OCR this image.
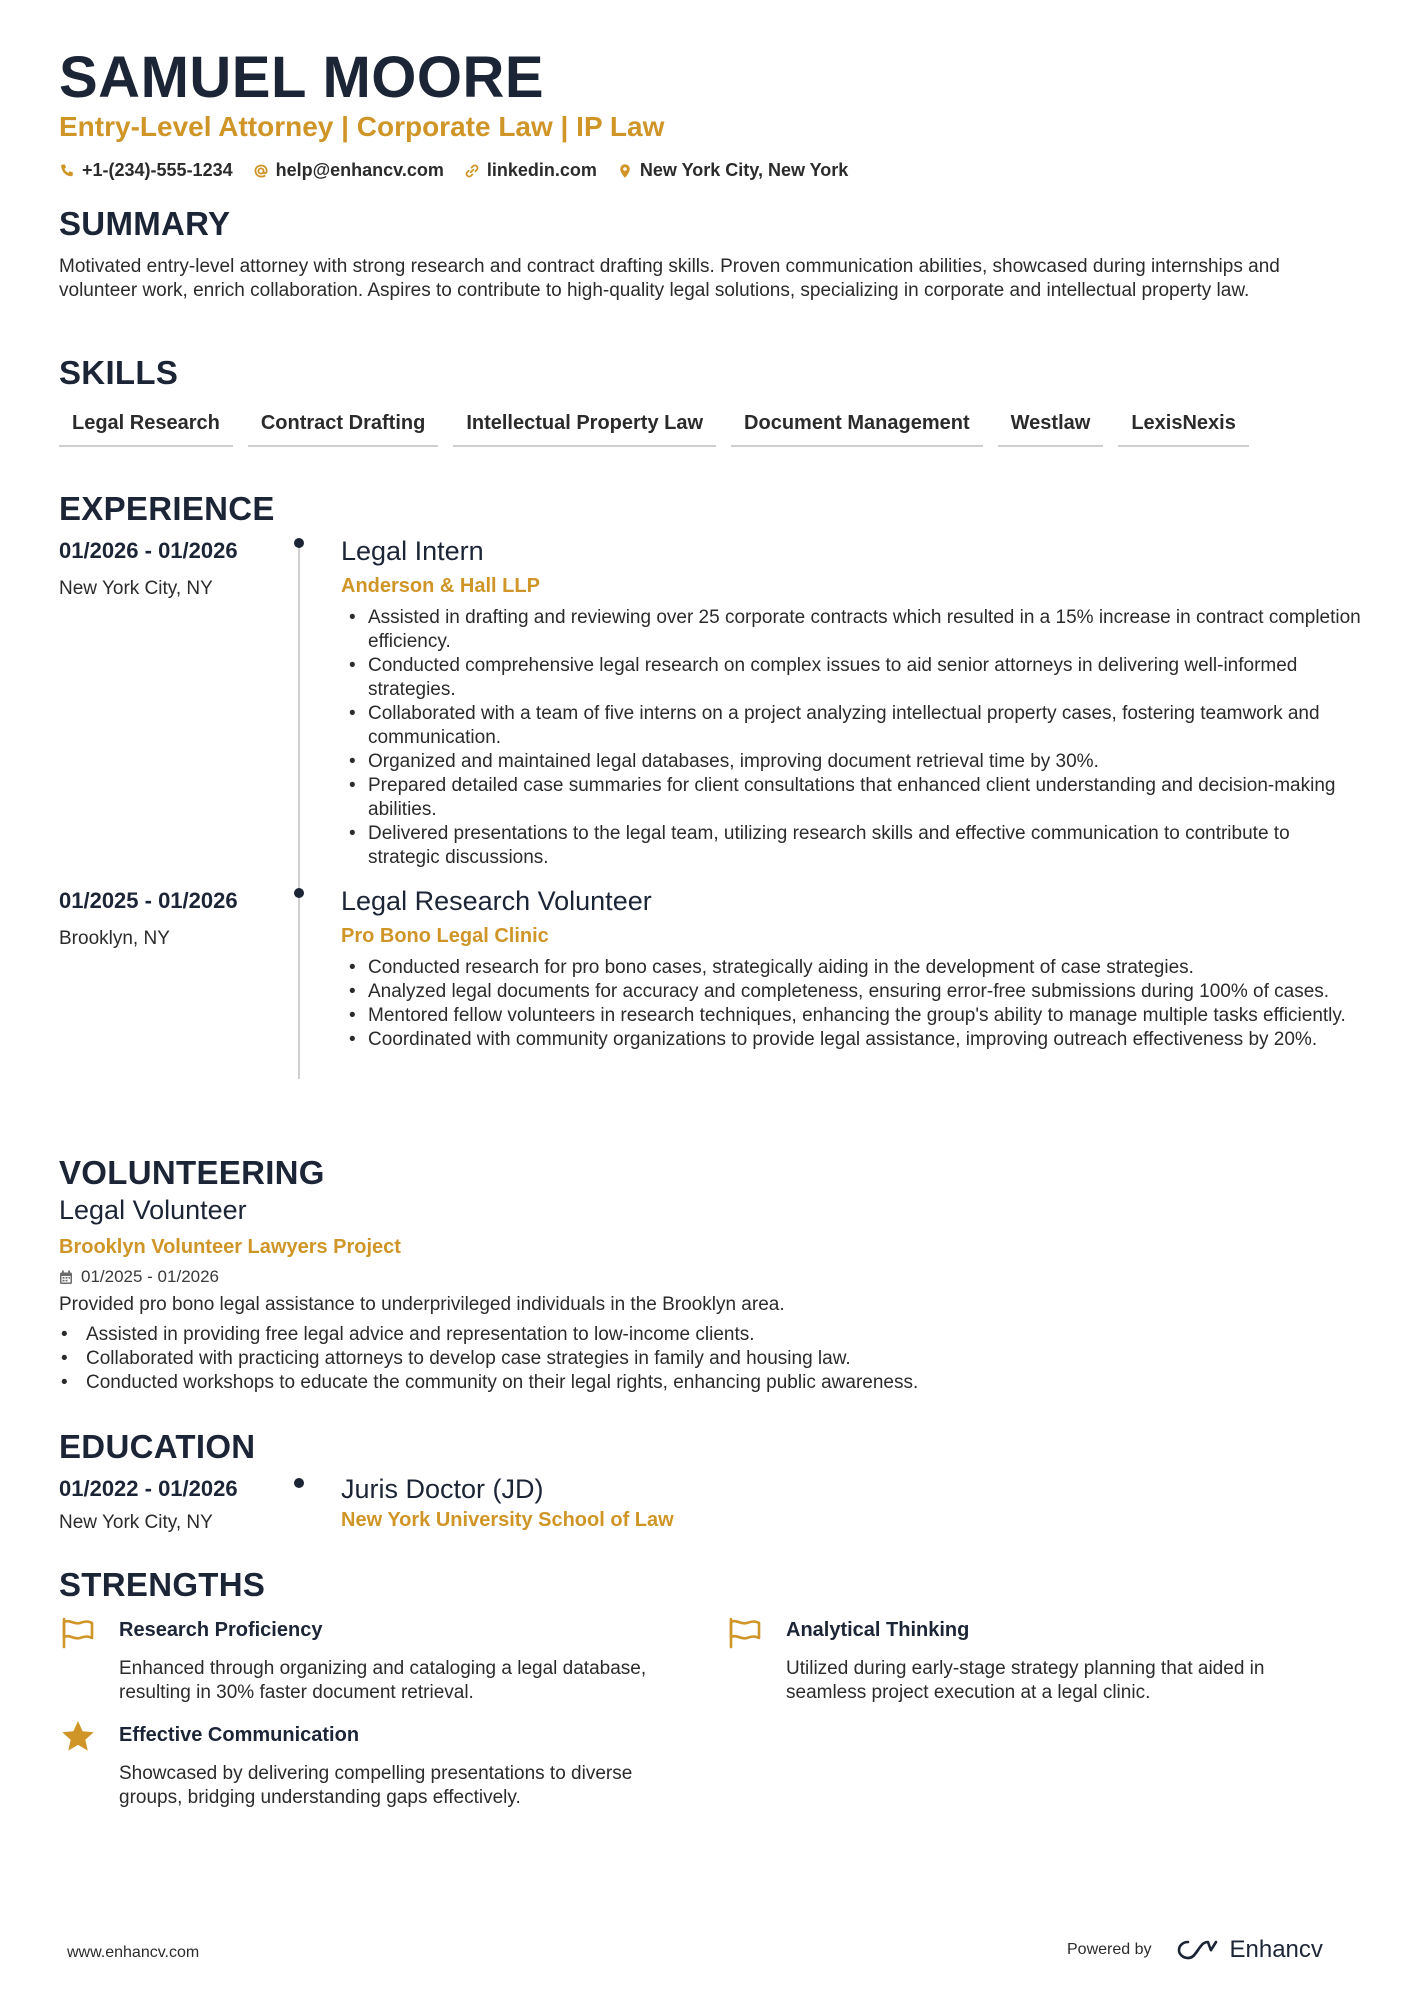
SAMUEL MOORE
Entry-Level Attorney | Corporate Law | IP Law
+1-(234)-555-1234 help@enhancv.com linkedin.com New York City, New York
SUMMARY
Motivated entry-level attorney with strong research and contract drafting skills. Proven communication abilities, showcased during internships and volunteer work, enrich collaboration. Aspires to contribute to high-quality legal solutions, specializing in corporate and intellectual property law.
SKILLS
Legal Research	Contract Drafting	Intellectual Property Law	Document Management	Westlaw	LexisNexis
EXPERIENCE
01/2026 - 01/2026
New York City, NY
Legal Intern
Anderson & Hall LLP
• Assisted in drafting and reviewing over 25 corporate contracts which resulted in a 15% increase in contract completion efficiency.
• Conducted comprehensive legal research on complex issues to aid senior attorneys in delivering well-informed strategies.
• Collaborated with a team of five interns on a project analyzing intellectual property cases, fostering teamwork and communication.
• Organized and maintained legal databases, improving document retrieval time by 30%.
• Prepared detailed case summaries for client consultations that enhanced client understanding and decision-making abilities.
• Delivered presentations to the legal team, utilizing research skills and effective communication to contribute to strategic discussions.
01/2025 - 01/2026
Brooklyn, NY
Legal Research Volunteer
Pro Bono Legal Clinic
• Conducted research for pro bono cases, strategically aiding in the development of case strategies.
• Analyzed legal documents for accuracy and completeness, ensuring error-free submissions during 100% of cases.
• Mentored fellow volunteers in research techniques, enhancing the group's ability to manage multiple tasks efficiently.
• Coordinated with community organizations to provide legal assistance, improving outreach effectiveness by 20%.
VOLUNTEERING
Legal Volunteer
Brooklyn Volunteer Lawyers Project
01/2025 - 01/2026
Provided pro bono legal assistance to underprivileged individuals in the Brooklyn area.
• Assisted in providing free legal advice and representation to low-income clients.
• Collaborated with practicing attorneys to develop case strategies in family and housing law.
• Conducted workshops to educate the community on their legal rights, enhancing public awareness.
EDUCATION
01/2022 - 01/2026
New York City, NY
Juris Doctor (JD)
New York University School of Law
STRENGTHS
Research Proficiency
Enhanced through organizing and cataloging a legal database, resulting in 30% faster document retrieval.
Analytical Thinking
Utilized during early-stage strategy planning that aided in seamless project execution at a legal clinic.
Effective Communication
Showcased by delivering compelling presentations to diverse groups, bridging understanding gaps effectively.
www.enhancv.com	Powered by	Enhancv
